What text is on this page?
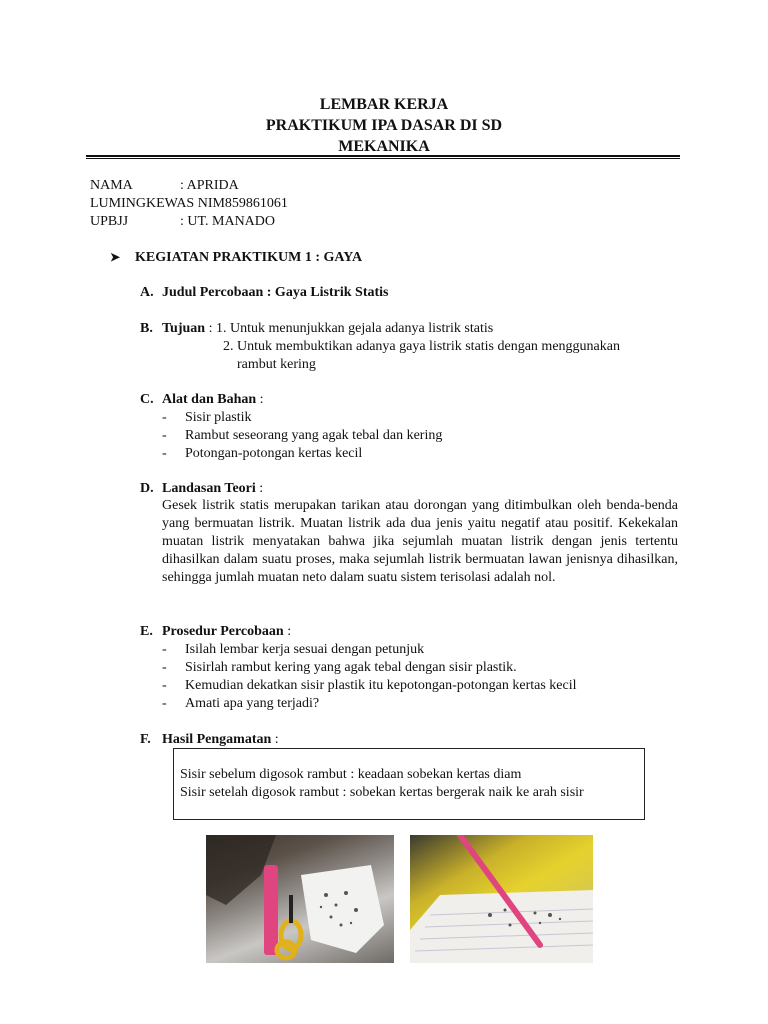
LEMBAR KERJA
PRAKTIKUM IPA DASAR DI SD
MEKANIKA
NAMA	: APRIDA
LUMINGKEWAS NIM859861061
UPBJJ	: UT. MANADO
➤ KEGIATAN PRAKTIKUM 1 : GAYA
A. Judul Percobaan : Gaya Listrik Statis
B. Tujuan : 1. Untuk menunjukkan gejala adanya listrik statis
2. Untuk membuktikan adanya gaya listrik statis dengan menggunakan
rambut kering
C. Alat dan Bahan :
- Sisir plastik
- Rambut seseorang yang agak tebal dan kering
- Potongan-potongan kertas kecil
D. Landasan Teori :
Gesek listrik statis merupakan tarikan atau dorongan yang ditimbulkan oleh benda-benda yang bermuatan listrik. Muatan listrik ada dua jenis yaitu negatif atau positif. Kekekalan muatan listrik menyatakan bahwa jika sejumlah muatan listrik dengan jenis tertentu dihasilkan dalam suatu proses, maka sejumlah listrik bermuatan lawan jenisnya dihasilkan, sehingga jumlah muatan neto dalam suatu sistem terisolasi adalah nol.
E. Prosedur Percobaan :
- Isilah lembar kerja sesuai dengan petunjuk
- Sisirlah rambut kering yang agak tebal dengan sisir plastik.
- Kemudian dekatkan sisir plastik itu kepotongan-potongan kertas kecil
- Amati apa yang terjadi?
F. Hasil Pengamatan :
Sisir sebelum digosok rambut : keadaan sobekan kertas diam
Sisir setelah digosok rambut : sobekan kertas bergerak naik ke arah sisir
